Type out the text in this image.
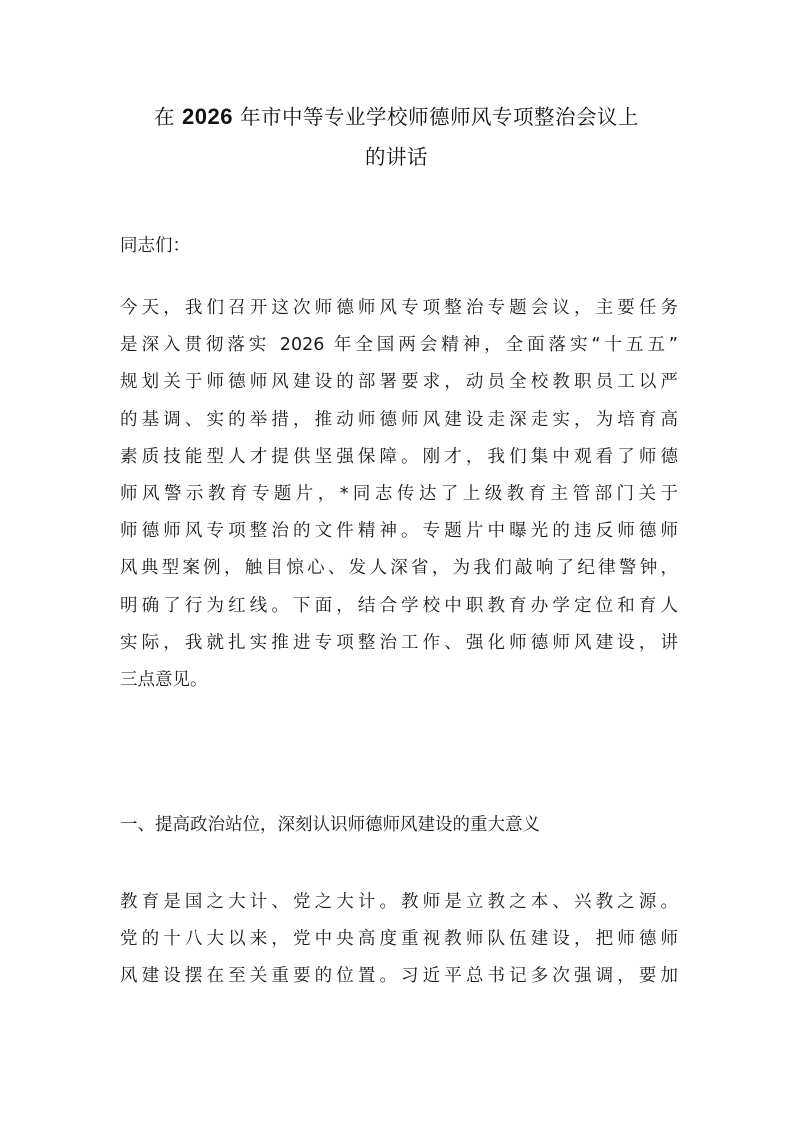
在 2026 年市中等专业学校师德师风专项整治会议上
的讲话
同志们：
今天，我们召开这次师德师风专项整治专题会议，主要任务
是深入贯彻落实 2026 年全国两会精神，全面落实“十五五”
规划关于师德师风建设的部署要求，动员全校教职员工以严
的基调、实的举措，推动师德师风建设走深走实，为培育高
素质技能型人才提供坚强保障。刚才，我们集中观看了师德
师风警示教育专题片，*同志传达了上级教育主管部门关于
师德师风专项整治的文件精神。专题片中曝光的违反师德师
风典型案例，触目惊心、发人深省，为我们敲响了纪律警钟，
明确了行为红线。下面，结合学校中职教育办学定位和育人
实际，我就扎实推进专项整治工作、强化师德师风建设，讲
三点意见。
一、提高政治站位，深刻认识师德师风建设的重大意义
教育是国之大计、党之大计。教师是立教之本、兴教之源。
党的十八大以来，党中央高度重视教师队伍建设，把师德师
风建设摆在至关重要的位置。习近平总书记多次强调，要加
